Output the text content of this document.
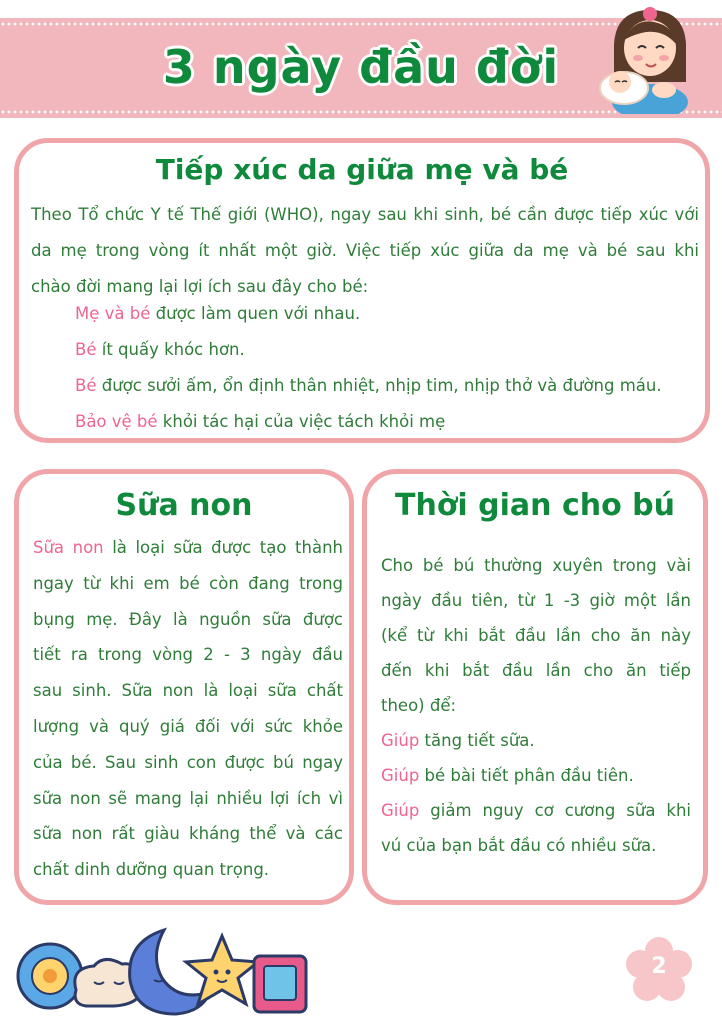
3 ngày đầu đời
Tiếp xúc da giữa mẹ và bé
Theo Tổ chức Y tế Thế giới (WHO), ngay sau khi sinh, bé cần được tiếp xúc với
da mẹ trong vòng ít nhất một giờ. Việc tiếp xúc giữa da mẹ và bé sau khi
chào đời mang lại lợi ích sau đây cho bé:
Mẹ và bé được làm quen với nhau.
Bé ít quấy khóc hơn.
Bé được sưởi ấm, ổn định thân nhiệt, nhịp tim, nhịp thở và đường máu.
Bảo vệ bé khỏi tác hại của việc tách khỏi mẹ
Sữa non
Sữa non là loại sữa được tạo thành
ngay từ khi em bé còn đang trong
bụng mẹ. Đây là nguồn sữa được
tiết ra trong vòng 2 - 3 ngày đầu
sau sinh. Sữa non là loại sữa chất
lượng và quý giá đối với sức khỏe
của bé. Sau sinh con được bú ngay
sữa non sẽ mang lại nhiều lợi ích vì
sữa non rất giàu kháng thể và các
chất dinh dưỡng quan trọng.
Thời gian cho bú
Cho bé bú thường xuyên trong vài
ngày đầu tiên, từ 1 -3 giờ một lần
(kể từ khi bắt đầu lần cho ăn này
đến khi bắt đầu lần cho ăn tiếp
theo) để:
Giúp tăng tiết sữa.
Giúp bé bài tiết phân đầu tiên.
Giúp giảm nguy cơ cương sữa khi
vú của bạn bắt đầu có nhiều sữa.
2
